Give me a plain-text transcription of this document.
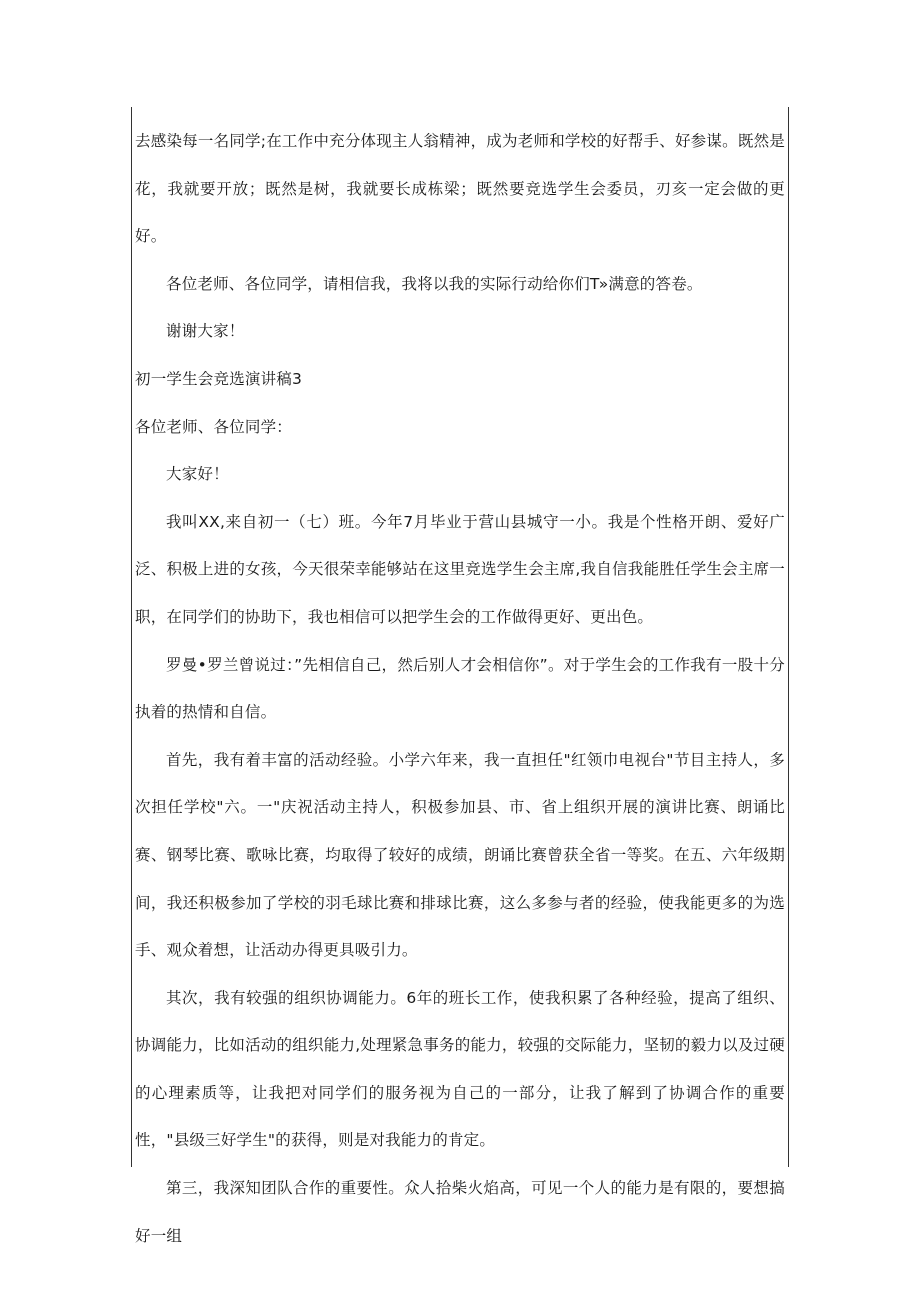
去感染每一名同学;在工作中充分体现主人翁精神，成为老师和学校的好帮手、好参谋。既然是花，我就要开放；既然是树，我就要长成栋梁；既然要竞选学生会委员，刃亥一定会做的更好。

各位老师、各位同学，请相信我，我将以我的实际行动给你们T»满意的答卷。

谢谢大家！

初一学生会竞选演讲稿3

各位老师、各位同学：

大家好！

我叫XX,来自初一（七）班。今年7月毕业于营山县城守一小。我是个性格开朗、爱好广泛、积极上进的女孩，今天很荣幸能够站在这里竞选学生会主席,我自信我能胜任学生会主席一职，在同学们的协助下，我也相信可以把学生会的工作做得更好、更出色。

罗曼•罗兰曾说过：”先相信自己，然后别人才会相信你”。对于学生会的工作我有一股十分执着的热情和自信。

首先，我有着丰富的活动经验。小学六年来，我一直担任"红领巾电视台"节目主持人，多次担任学校"六。一"庆祝活动主持人，积极参加县、市、省上组织开展的演讲比赛、朗诵比赛、钢琴比赛、歌咏比赛，均取得了较好的成绩，朗诵比赛曾获全省一等奖。在五、六年级期间，我还积极参加了学校的羽毛球比赛和排球比赛，这么多参与者的经验，使我能更多的为选手、观众着想，让活动办得更具吸引力。

其次，我有较强的组织协调能力。6年的班长工作，使我积累了各种经验，提高了组织、协调能力，比如活动的组织能力,处理紧急事务的能力，较强的交际能力，坚韧的毅力以及过硬的心理素质等，让我把对同学们的服务视为自己的一部分，让我了解到了协调合作的重要性，"县级三好学生"的获得，则是对我能力的肯定。

第三，我深知团队合作的重要性。众人拾柴火焰高，可见一个人的能力是有限的，要想搞好一组
